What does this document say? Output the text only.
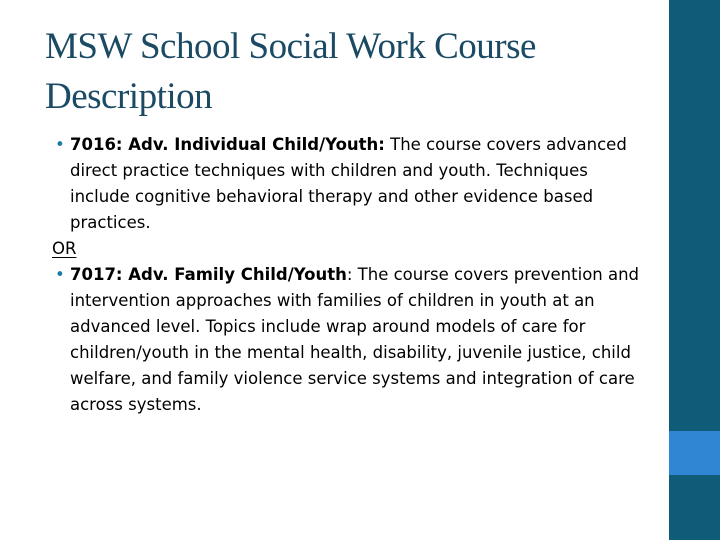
MSW School Social Work Course Description

• 7016: Adv. Individual Child/Youth: The course covers advanced direct practice techniques with children and youth. Techniques include cognitive behavioral therapy and other evidence based practices.

OR

• 7017: Adv. Family Child/Youth: The course covers prevention and intervention approaches with families of children in youth at an advanced level. Topics include wrap around models of care for children/youth in the mental health, disability, juvenile justice, child welfare, and family violence service systems and integration of care across systems.
